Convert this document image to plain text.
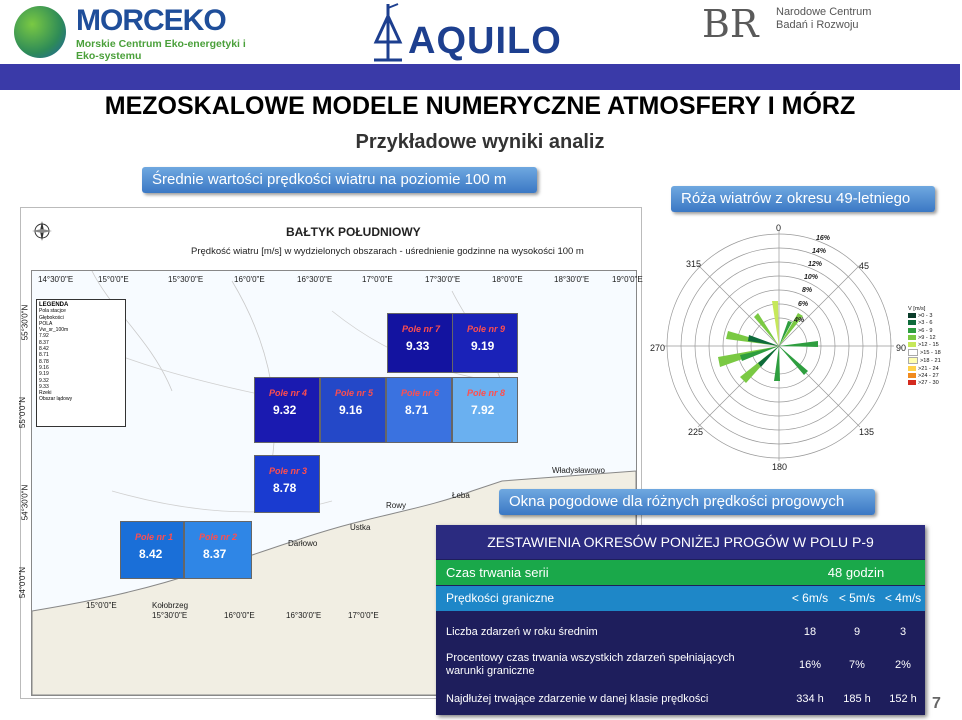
MORCEKO
Morskie Centrum Eko-energetyki i Eko-systemu	AQUILO	BR Narodowe Centrum Badań i Rozwoju
MEZOSKALOWE MODELE NUMERYCZNE ATMOSFERY I MÓRZ
Przykładowe wyniki analiz
Średnie wartości prędkości wiatru na poziomie 100 m
BAŁTYK POŁUDNIOWY
Prędkość wiatru [m/s] w wydzielonych obszarach - uśrednienie godzinne na wysokości 100 m
14°30'0"E	15°0'0"E	15°30'0"E	16°0'0"E	16°30'0"E	17°0'0"E	17°30'0"E	18°0'0"E	18°30'0"E	19°0'0"E
LEGENDA
Pola stacjce
Głębokości
POLA
Vw_sr_100m
7.92
8.37
8.42
8.71
8.78
9.16
9.19
9.32
9.33
Rzeki
Obszar lądowy
Pole nr 7
9.33
Pole nr 9
9.19
Pole nr 4
9.32
Pole nr 5
9.16
Pole nr 6
8.71
Pole nr 8
7.92
Pole nr 3
8.78
Pole nr 1
8.42
Pole nr 2
8.37
Ustka
Darłowo
Kołobrzeg
Rowy
Łeba
Władysławowo
15°0'0"E
15°30'0"E	16°0'0"E	16°30'0"E	17°0'0"E
55°30'0"N
55°0'0"N
54°30'0"N
54°0'0"N
Róża wiatrów z okresu 49-letniego
0
45
90
135
180
225
270
315
4%
6%
8%
10%
12%
14%
16%
V [m/s]
>0 - 3
>3 - 6
>6 - 9
>9 - 12
>12 - 15
>15 - 18
>18 - 21
>21 - 24
>24 - 27
>27 - 30
Okna pogodowe dla różnych prędkości progowych
ZESTAWIENIA OKRESÓW PONIŻEJ PROGÓW W POLU P-9
Czas trwania serii	48 godzin
Prędkości graniczne	< 6m/s < 5m/s < 4m/s
Liczba zdarzeń w roku średnim	18	9	3
Procentowy czas trwania wszystkich zdarzeń spełniających warunki graniczne	16%	7%	2%
Najdłużej trwające zdarzenie w danej klasie prędkości	334 h	185 h	152 h 7
